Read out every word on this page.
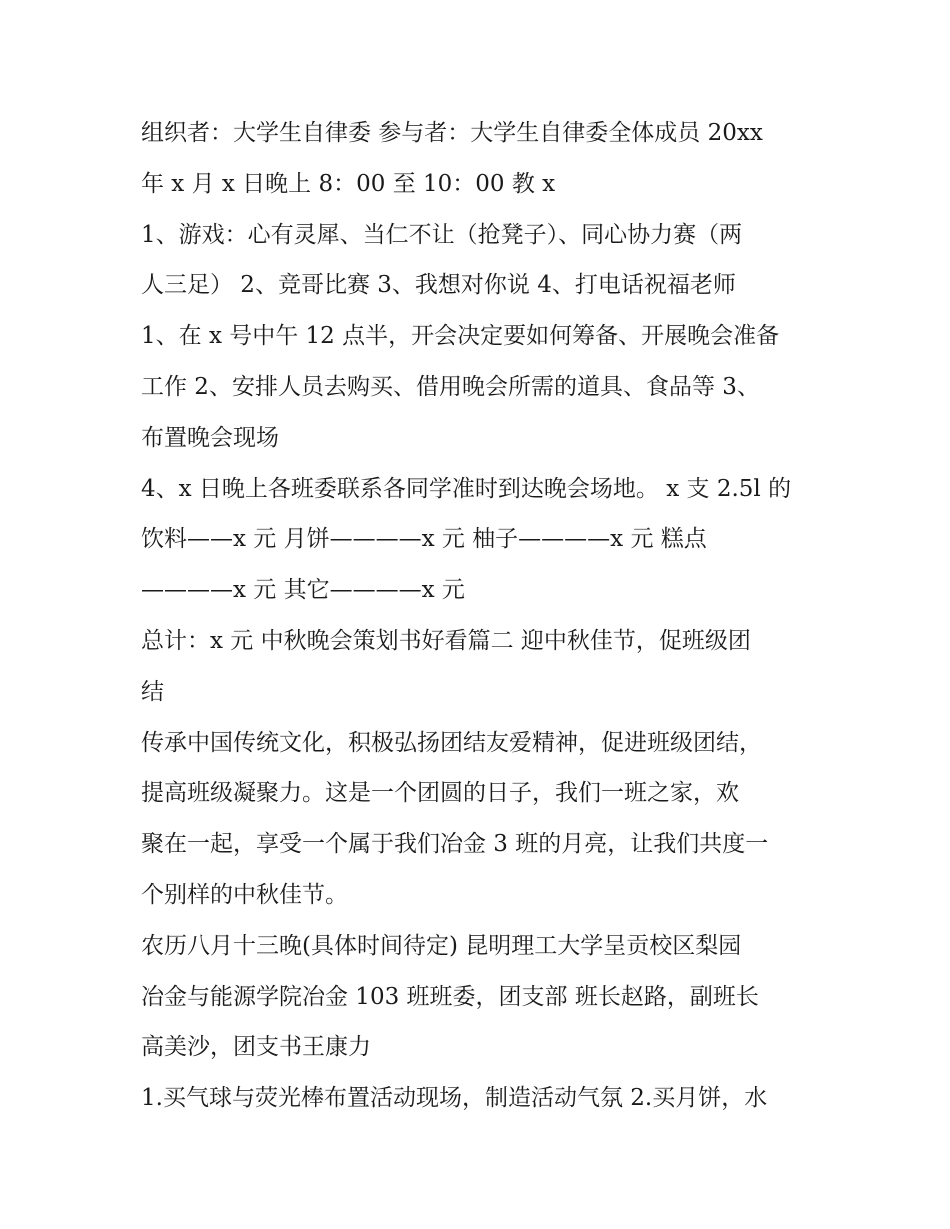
组织者：大学生自律委 参与者：大学生自律委全体成员 20xx
年 x 月 x 日晚上 8：00 至 10：00 教 x
1、游戏：心有灵犀、当仁不让（抢凳子）、同心协力赛（两
人三足） 2、竞哥比赛 3、我想对你说 4、打电话祝福老师
1、在 x 号中午 12 点半，开会决定要如何筹备、开展晚会准备
工作 2、安排人员去购买、借用晚会所需的道具、食品等 3、
布置晚会现场
4、x 日晚上各班委联系各同学准时到达晚会场地。 x 支 2.5l 的
饮料——x 元 月饼————x 元 柚子————x 元 糕点
————x 元 其它————x 元
总计：x 元 中秋晚会策划书好看篇二 迎中秋佳节，促班级团
结
传承中国传统文化，积极弘扬团结友爱精神，促进班级团结，
提高班级凝聚力。这是一个团圆的日子，我们一班之家，欢
聚在一起，享受一个属于我们冶金 3 班的月亮，让我们共度一
个别样的中秋佳节。
农历八月十三晚(具体时间待定) 昆明理工大学呈贡校区梨园
冶金与能源学院冶金 103 班班委，团支部 班长赵路，副班长
高美沙，团支书王康力
1.买气球与荧光棒布置活动现场，制造活动气氛 2.买月饼，水
